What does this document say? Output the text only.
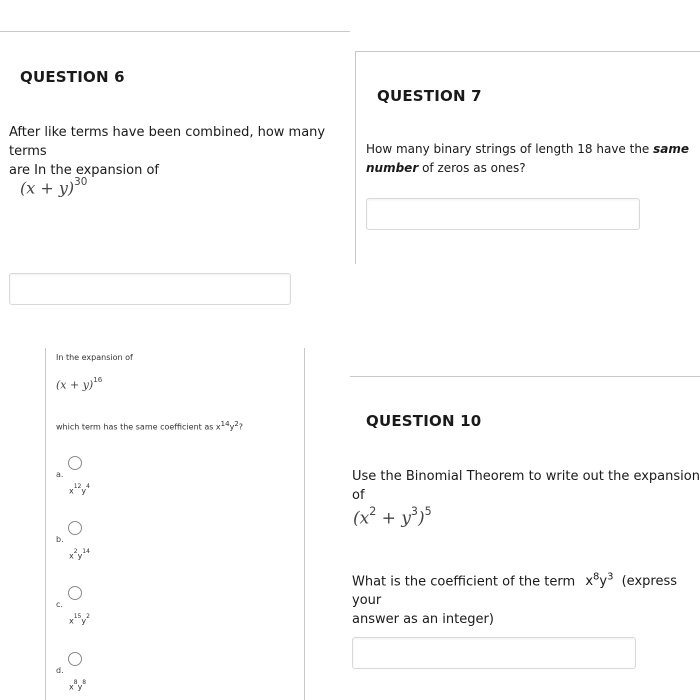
QUESTION 6
After like terms have been combined, how many terms
are In the expansion of
$(x + y)^{30}$
QUESTION 7
How many binary strings of length 18 have the same
number of zeros as ones?
In the expansion of
$(x + y)^{16}$
which term has the same coefficient as $x^{14}y^2$?
a.
$x^{12}y^4$
b.
$x^2y^{14}$
c.
$x^{15}y^2$
d.
$x^8y^8$
QUESTION 10
Use the Binomial Theorem to write out the expansion of
$(x^2 + y^3)^5$
What is the coefficient of the term $x^8y^3$ (express your
answer as an integer)
